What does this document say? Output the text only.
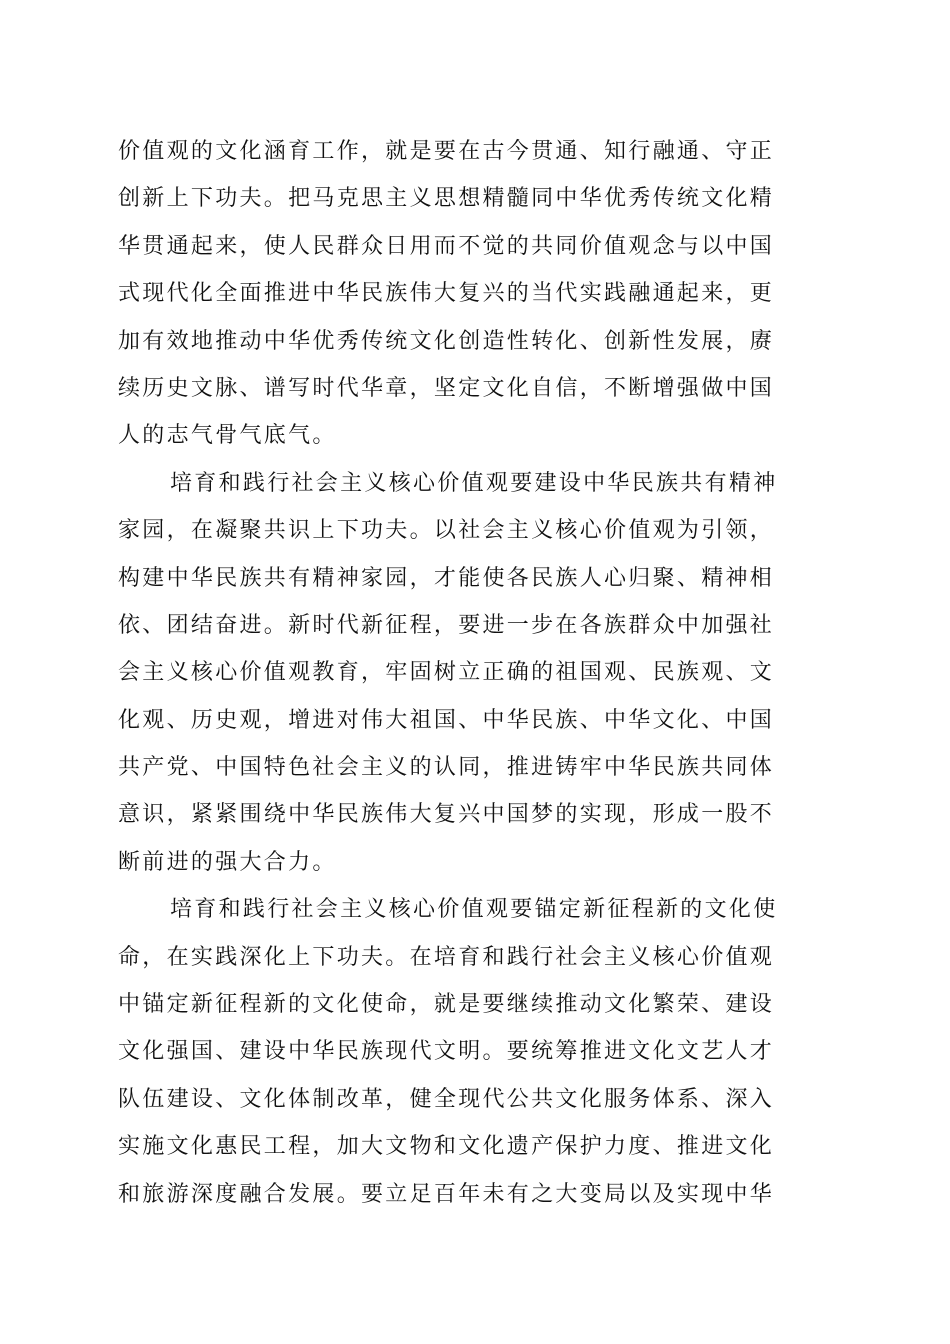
价值观的文化涵育工作，就是要在古今贯通、知行融通、守正
创新上下功夫。把马克思主义思想精髓同中华优秀传统文化精
华贯通起来，使人民群众日用而不觉的共同价值观念与以中国
式现代化全面推进中华民族伟大复兴的当代实践融通起来，更
加有效地推动中华优秀传统文化创造性转化、创新性发展，赓
续历史文脉、谱写时代华章，坚定文化自信，不断增强做中国
人的志气骨气底气。
培育和践行社会主义核心价值观要建设中华民族共有精神
家园，在凝聚共识上下功夫。以社会主义核心价值观为引领，
构建中华民族共有精神家园，才能使各民族人心归聚、精神相
依、团结奋进。新时代新征程，要进一步在各族群众中加强社
会主义核心价值观教育，牢固树立正确的祖国观、民族观、文
化观、历史观，增进对伟大祖国、中华民族、中华文化、中国
共产党、中国特色社会主义的认同，推进铸牢中华民族共同体
意识，紧紧围绕中华民族伟大复兴中国梦的实现，形成一股不
断前进的强大合力。
培育和践行社会主义核心价值观要锚定新征程新的文化使
命，在实践深化上下功夫。在培育和践行社会主义核心价值观
中锚定新征程新的文化使命，就是要继续推动文化繁荣、建设
文化强国、建设中华民族现代文明。要统筹推进文化文艺人才
队伍建设、文化体制改革，健全现代公共文化服务体系、深入
实施文化惠民工程，加大文物和文化遗产保护力度、推进文化
和旅游深度融合发展。要立足百年未有之大变局以及实现中华
